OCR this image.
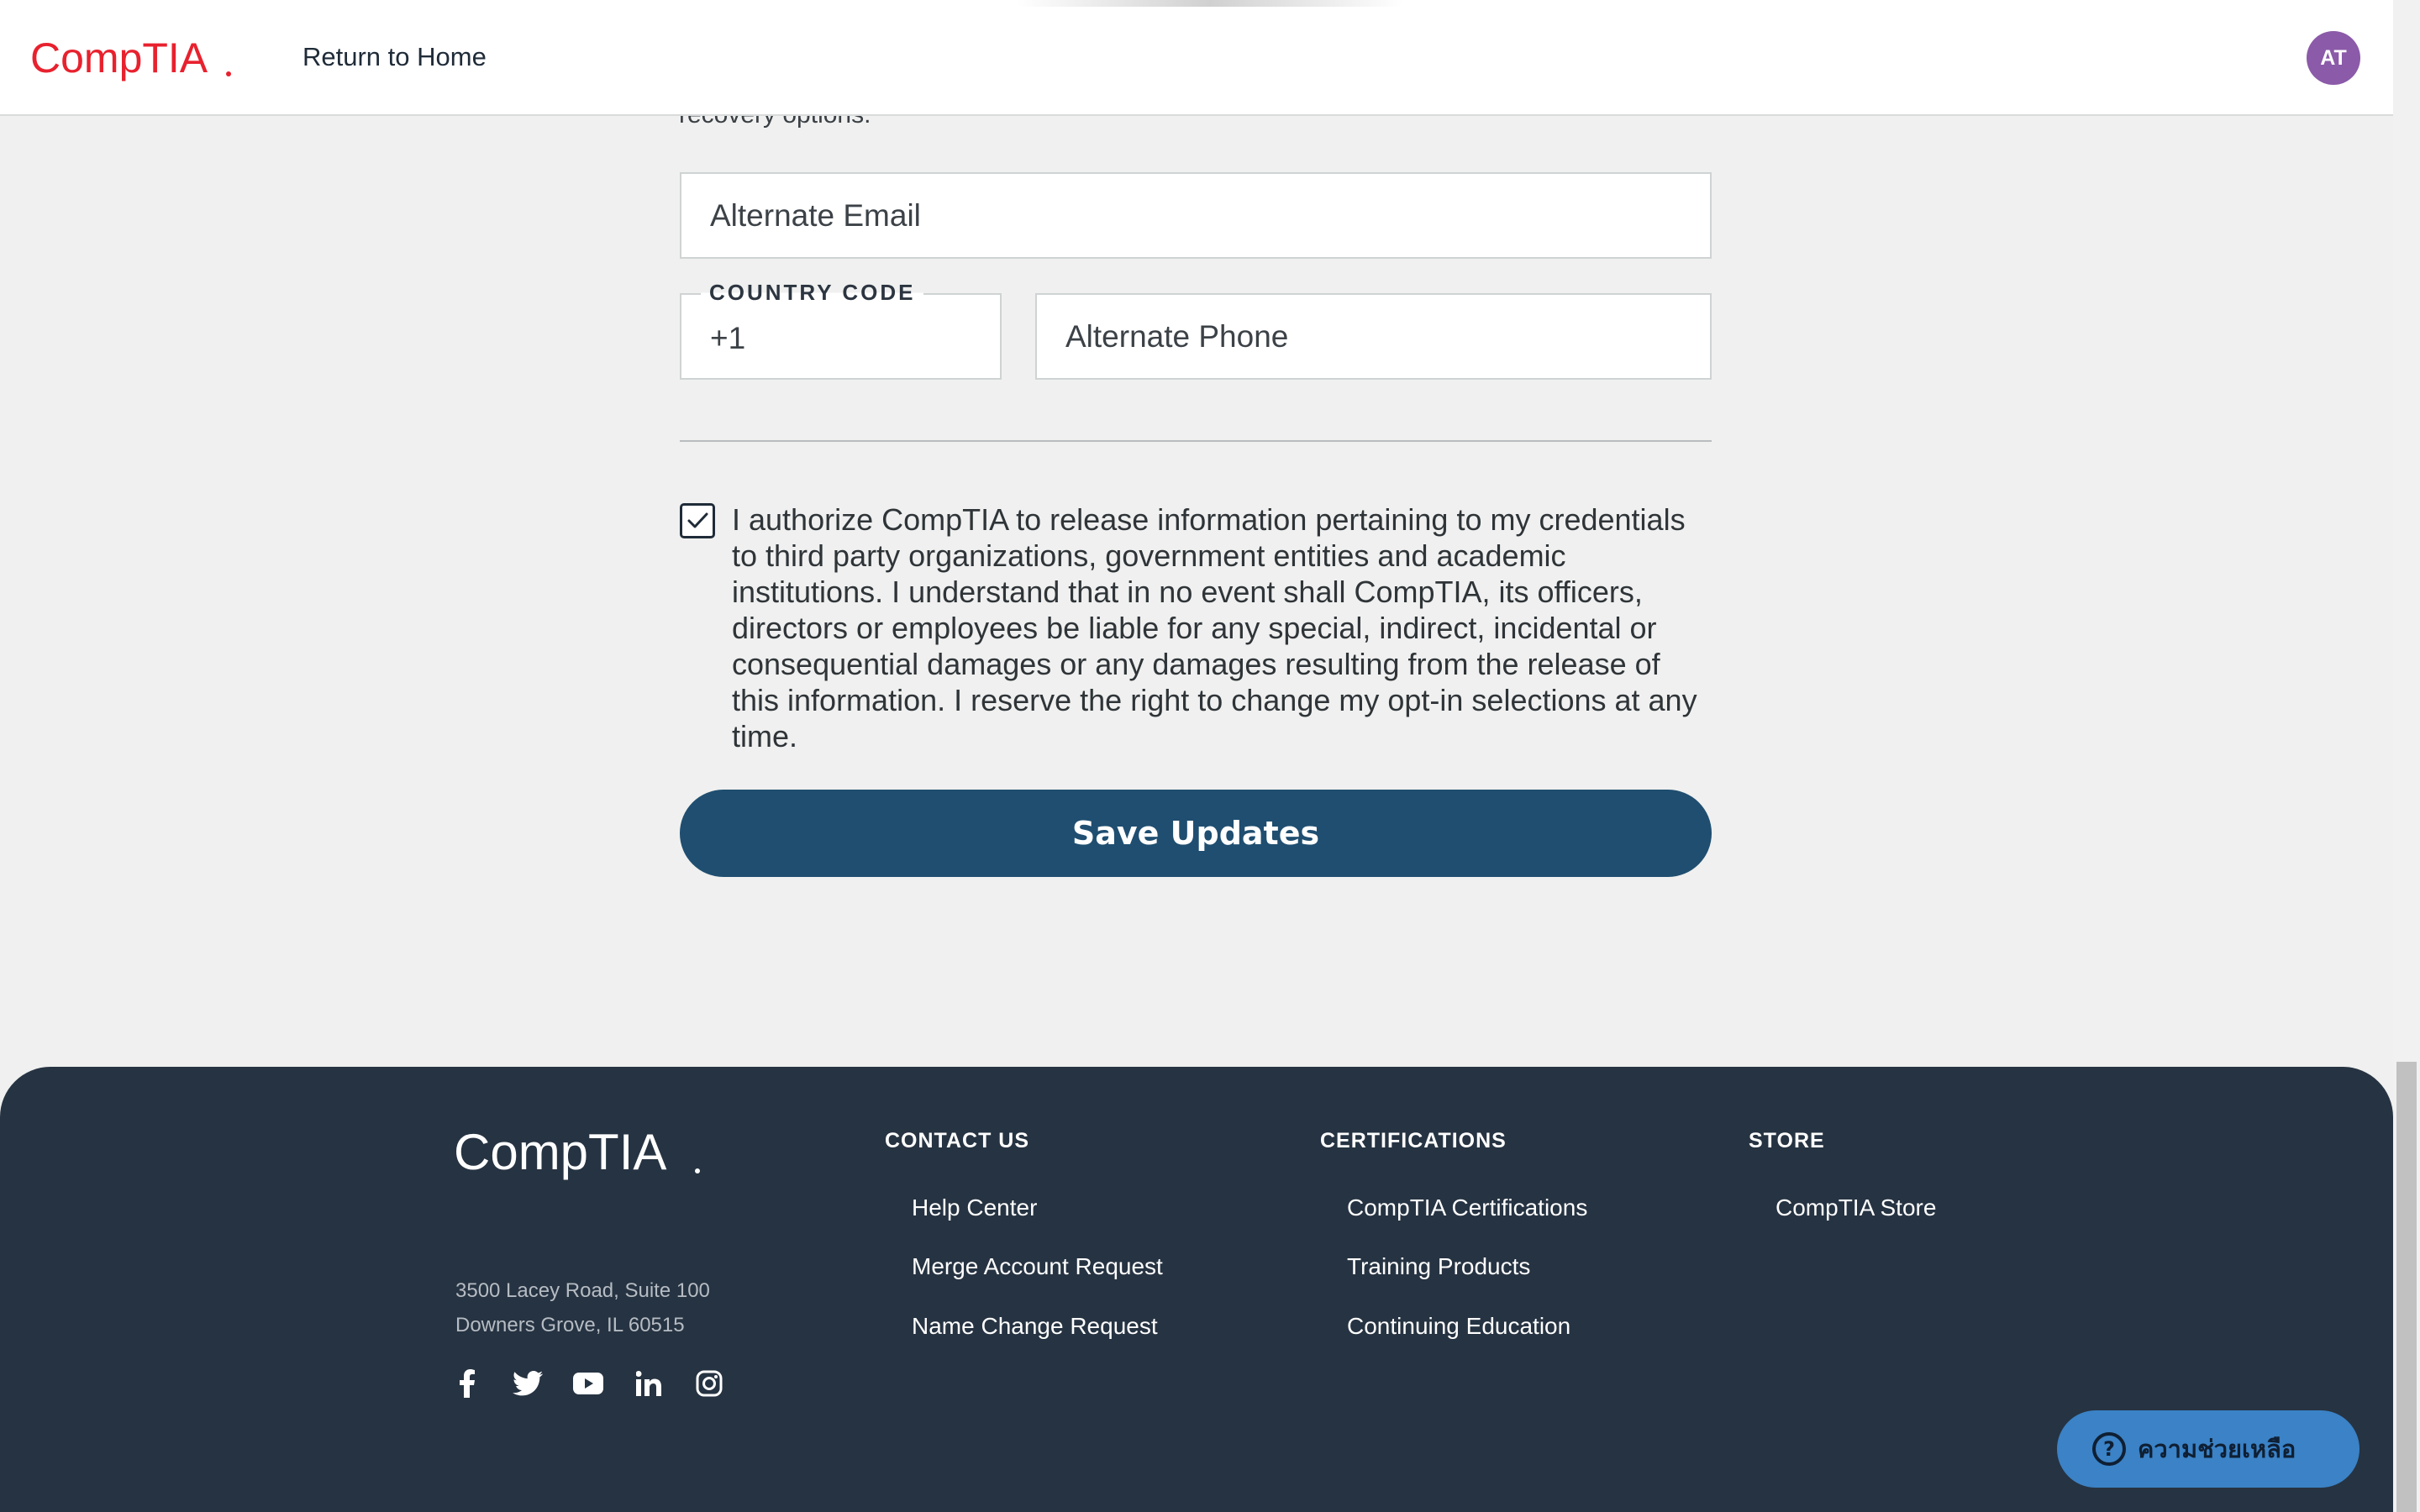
CompTIA	Return to Home	AT
Alternate Email
COUNTRY CODE
+1	Alternate Phone
I authorize CompTIA to release information pertaining to my credentials to third party organizations, government entities and academic institutions. I understand that in no event shall CompTIA, its officers, directors or employees be liable for any special, indirect, incidental or consequential damages or any damages resulting from the release of this information. I reserve the right to change my opt-in selections at any time.
Save Updates
CompTIA
3500 Lacey Road, Suite 100
Downers Grove, IL 60515
CONTACT US
Help Center
Merge Account Request
Name Change Request
CERTIFICATIONS
CompTIA Certifications
Training Products
Continuing Education
STORE
CompTIA Store
? ความช่วยเหลือ
